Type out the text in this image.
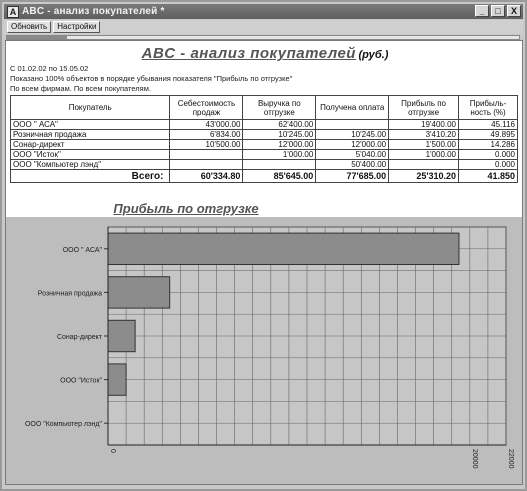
A ABC - анализ покупателей *	_	□	X
Обновить	Настройки
ABC - анализ покупателей (руб.)
С 01.02.02 по 15.05.02
Показано 100% объектов в порядке убывания показателя "Прибыль по отгрузке"
По всем фирмам. По всем покупателям.
Покупатель	Себестоимость продаж	Выручка по отгрузке	Получена оплата	Прибыль по отгрузке	Прибыль-ность (%)
ООО " АСА"	43'000.00	62'400.00		19'400.00	45.116
Розничная продажа	6'834.00	10'245.00	10'245.00	3'410.20	49.895
Сонар-директ	10'500.00	12'000.00	12'000.00	1'500.00	14.286
ООО "Исток"		1'000.00	5'040.00	1'000.00	0.000
ООО "Компьютер лэнд"			50'400.00		0.000
Всего:	60'334.80	85'645.00	77'685.00	25'310.20	41.850
Прибыль по отгрузке
ООО " АСА"
Розничная продажа
Сонар-директ
ООО "Исток"
ООО "Компьютер лэнд"
0	20000	22000
